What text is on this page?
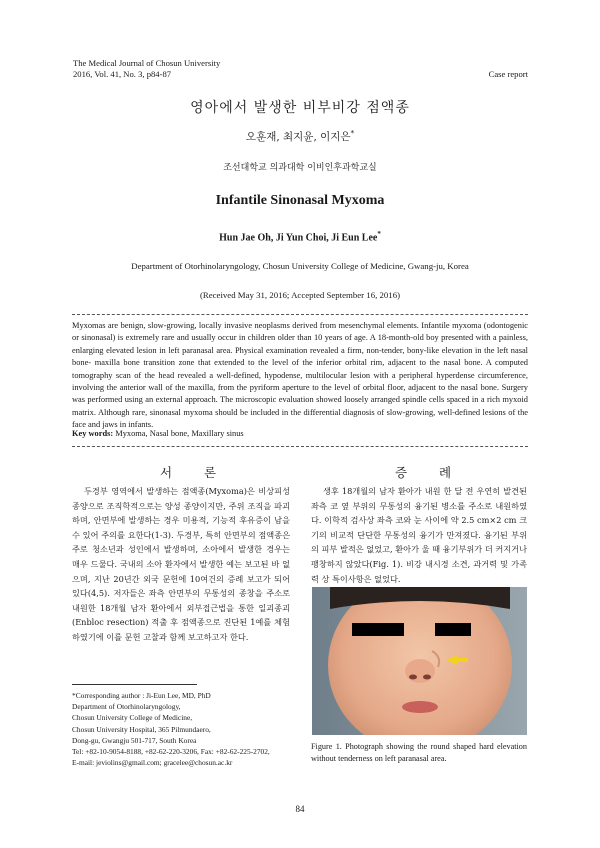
The Medical Journal of Chosun University
2016, Vol. 41, No. 3, p84-87	Case report
영아에서 발생한 비부비강 점액종
오훈재, 최지윤, 이지은*
조선대학교 의과대학 이비인후과학교실
Infantile Sinonasal Myxoma
Hun Jae Oh, Ji Yun Choi, Ji Eun Lee*
Department of Otorhinolaryngology, Chosun University College of Medicine, Gwang-ju, Korea
(Received May 31, 2016; Accepted September 16, 2016)
Myxomas are benign, slow-growing, locally invasive neoplasms derived from mesenchymal elements. Infantile myxoma (odontogenic or sinonasal) is extremely rare and usually occur in children older than 10 years of age. A 18-month-old boy presented with a painless, enlarging elevated lesion in left paranasal area. Physical examination revealed a firm, non-tender, bony-like elevation in the left nasal bone- maxilla bone transition zone that extended to the level of the inferior orbital rim, adjacent to the nasal bone. A computed tomography scan of the head revealed a well-defined, hypodense, multilocular lesion with a peripheral hyperdense circumference, involving the anterior wall of the maxilla, from the pyriform aperture to the level of orbital floor, adjacent to the nasal bone. Surgery was performed using an external approach. The microscopic evaluation showed loosely arranged spindle cells spaced in a rich myxoid matrix. Although rare, sinonasal myxoma should be included in the differential diagnosis of slow-growing, well-defined lesions of the face and jaws in infants.
Key words: Myxoma, Nasal bone, Maxillary sinus
서 론

두경부 영역에서 발생하는 점액종(Myxoma)은 비상피성 종양으로 조직학적으로는 양성 종양이지만, 주위 조직을 파괴하며, 안면부에 발생하는 경우 미용적, 기능적 후유증이 남을 수 있어 주의를 요한다(1-3). 두경부, 특히 안면부의 점액종은 주로 청소년과 성인에서 발생하며, 소아에서 발생한 경우는 매우 드물다. 국내의 소아 환자에서 발생한 예는 보고된 바 없으며, 지난 20년간 외국 문헌에 10여건의 증례 보고가 되어 있다(4,5). 저자들은 좌측 안면부의 무통성의 종창을 주소로 내원한 18개월 남자 환아에서 외부접근법을 통한 일괴종괴(Enbloc resection) 적출 후 점액종으로 진단된 1예를 체험하였기에 이를 문헌 고찰과 함께 보고하고자 한다.

증 례

생후 18개월의 남자 환아가 내원 한 달 전 우연히 발견된 좌측 코 옆 부위의 무통성의 융기된 병소를 주소로 내원하였다. 이학적 검사상 좌측 코와 눈 사이에 약 2.5 cm×2 cm 크기의 비교적 단단한 무통성의 융기가 만져졌다. 융기된 부위의 피부 발적은 없었고, 환아가 울 때 융기부위가 더 커지거나 팽창하지 않았다(Fig. 1). 비강 내시경 소견, 과거력 및 가족력 상 특이사항은 없었다.

Figure 1. Photograph showing the round shaped hard elevation without tenderness on left paranasal area.
*Corresponding author : Ji-Eun Lee, MD, PhD
Department of Otorhinolaryngology,
Chosun University College of Medicine,
Chosun University Hospital, 365 Pilmundaero,
Dong-gu, Gwangju 501-717, South Korea
Tel: +82-10-9054-8188, +82-62-220-3206, Fax: +82-62-225-2702,
E-mail: jeviolins@gmail.com; gracelee@chosun.ac.kr
84
